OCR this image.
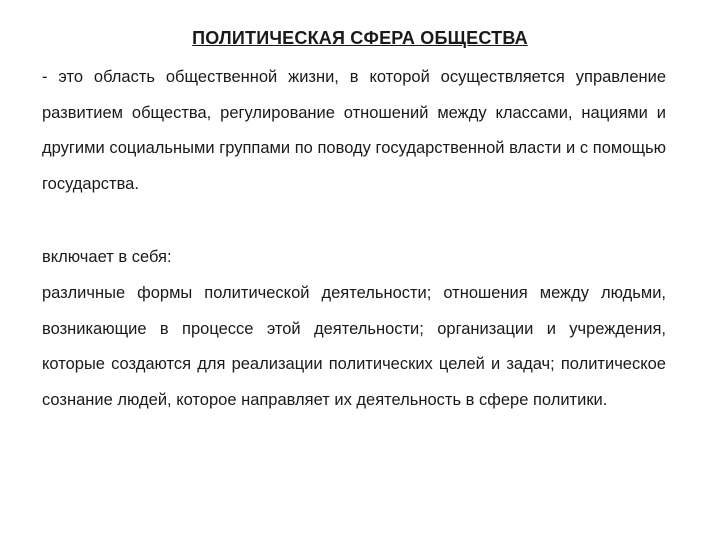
ПОЛИТИЧЕСКАЯ СФЕРА ОБЩЕСТВА

- это область общественной жизни, в которой осуществляется управление развитием общества, регулирование отношений между классами, нациями и другими социальными группами по поводу государственной власти и с помощью государства.

включает в себя:

различные формы политической деятельности; отношения между людьми, возникающие в процессе этой деятельности; организации и учреждения, которые создаются для реализации политических целей и задач; политическое сознание людей, которое направляет их деятельность в сфере политики.
